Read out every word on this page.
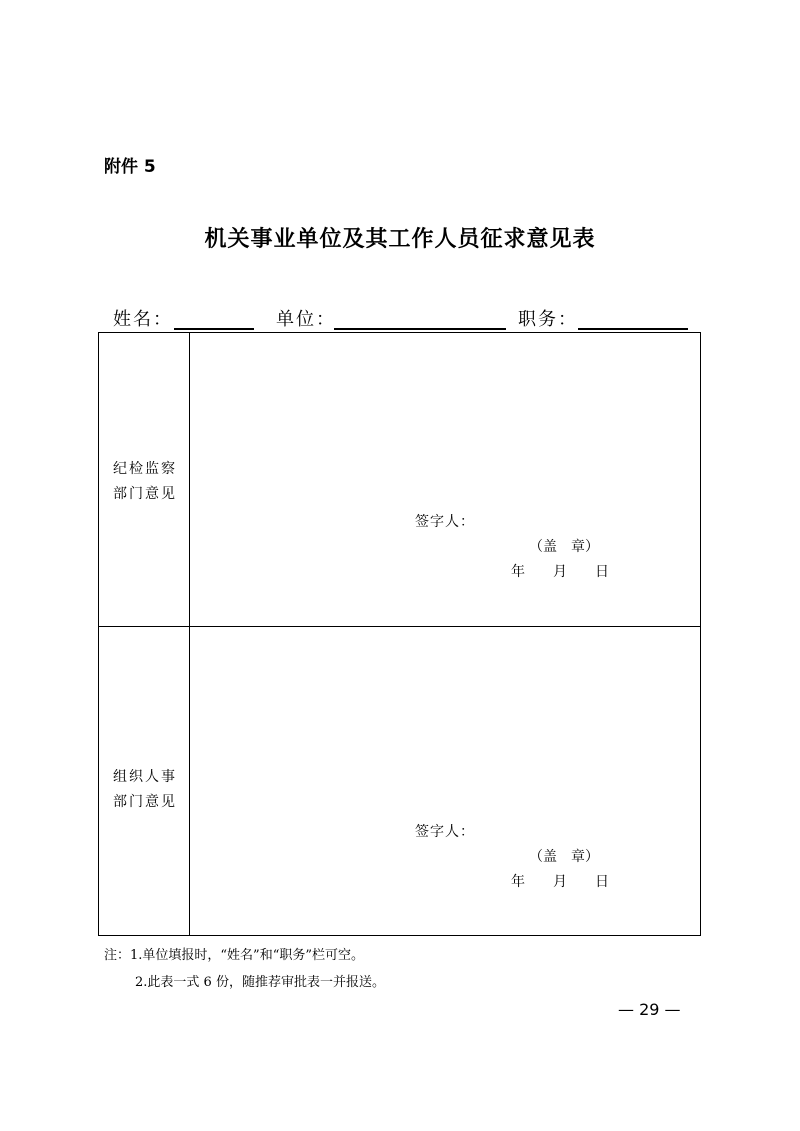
附件 5
机关事业单位及其工作人员征求意见表
姓名：	单位：	职务：
纪检监察
部门意见
签字人：
（盖　章）
年　　月　　日
组织人事
部门意见
签字人：
（盖　章）
年　　月　　日
注：1.单位填报时，“姓名”和“职务”栏可空。
2.此表一式 6 份，随推荐审批表一并报送。
— 29 —
